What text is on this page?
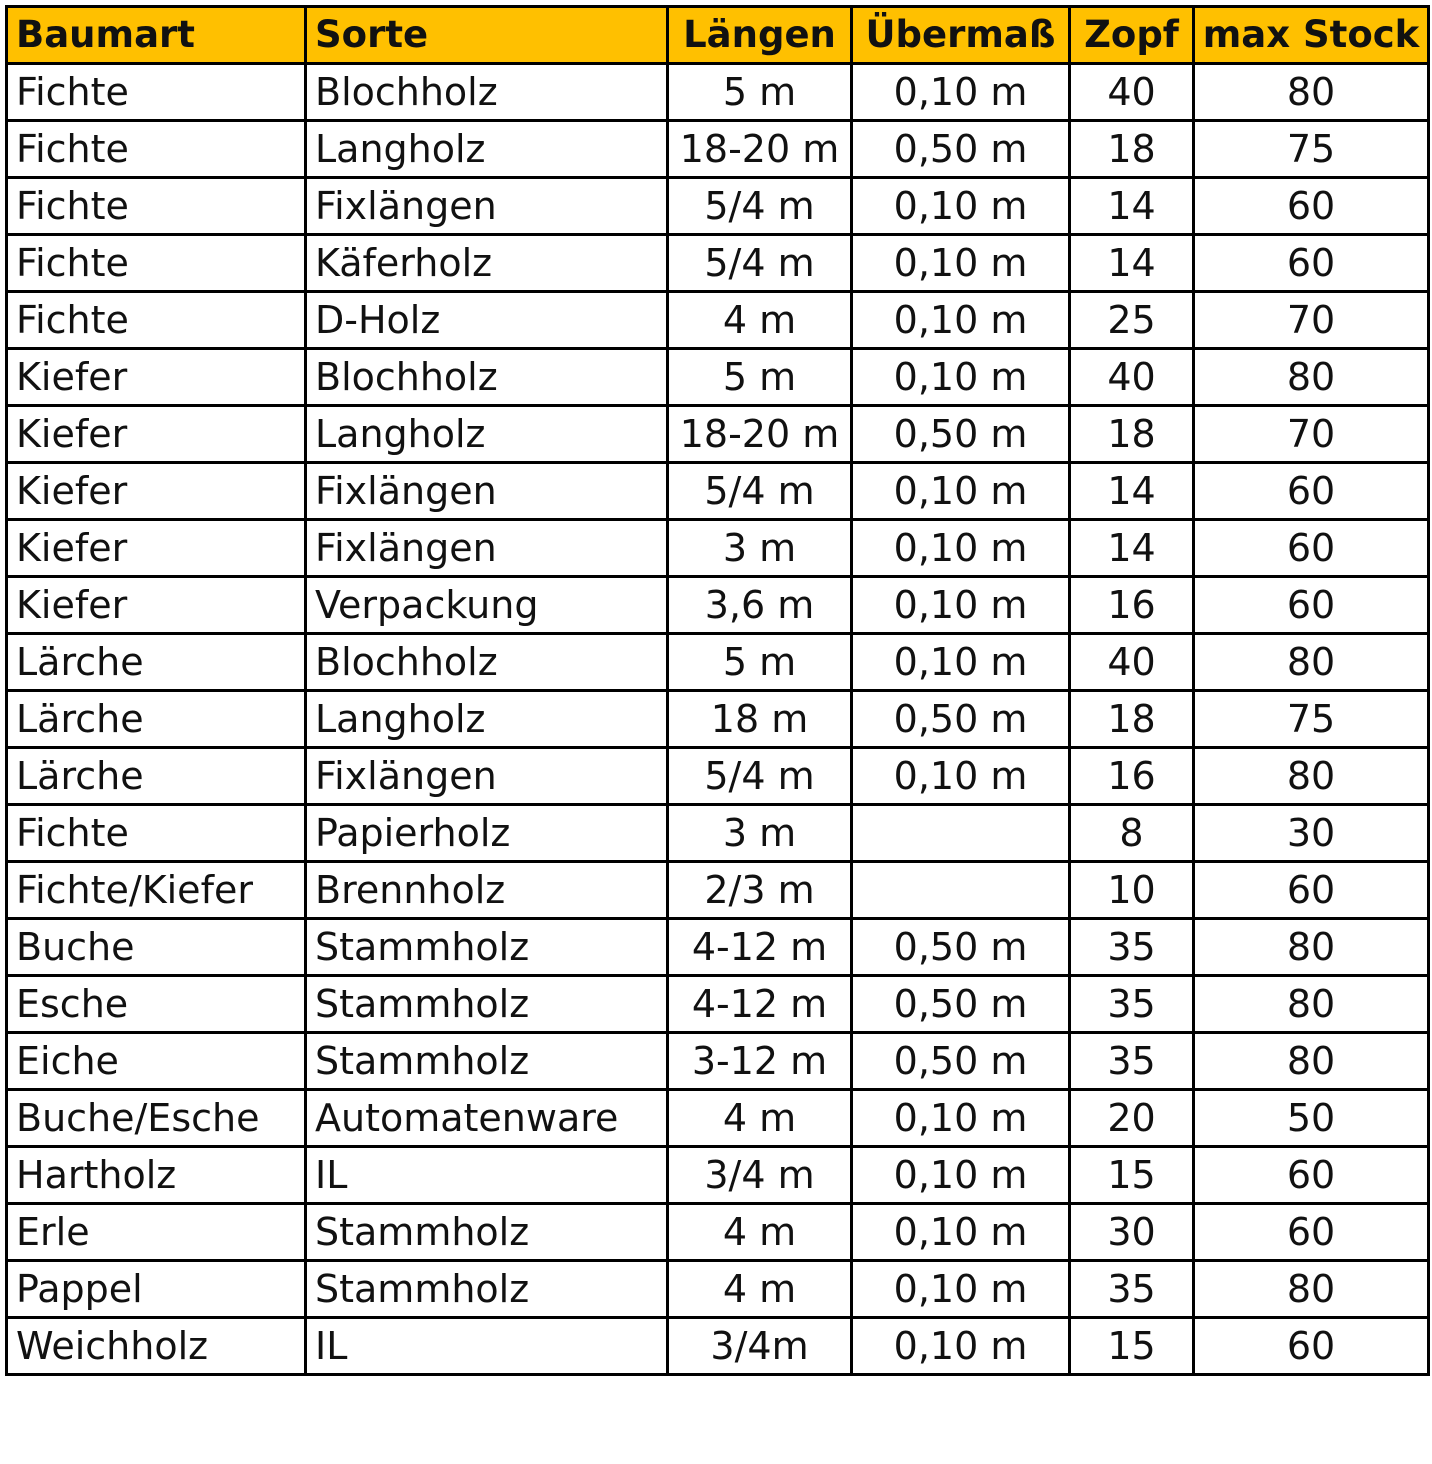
Baumart	Sorte	Längen	Übermaß	Zopf	max Stock
Fichte	Blochholz	5 m	0,10 m	40	80
Fichte	Langholz	18-20 m	0,50 m	18	75
Fichte	Fixlängen	5/4 m	0,10 m	14	60
Fichte	Käferholz	5/4 m	0,10 m	14	60
Fichte	D-Holz	4 m	0,10 m	25	70
Kiefer	Blochholz	5 m	0,10 m	40	80
Kiefer	Langholz	18-20 m	0,50 m	18	70
Kiefer	Fixlängen	5/4 m	0,10 m	14	60
Kiefer	Fixlängen	3 m	0,10 m	14	60
Kiefer	Verpackung	3,6 m	0,10 m	16	60
Lärche	Blochholz	5 m	0,10 m	40	80
Lärche	Langholz	18 m	0,50 m	18	75
Lärche	Fixlängen	5/4 m	0,10 m	16	80
Fichte	Papierholz	3 m		8	30
Fichte/Kiefer	Brennholz	2/3 m		10	60
Buche	Stammholz	4-12 m	0,50 m	35	80
Esche	Stammholz	4-12 m	0,50 m	35	80
Eiche	Stammholz	3-12 m	0,50 m	35	80
Buche/Esche	Automatenware	4 m	0,10 m	20	50
Hartholz	IL	3/4 m	0,10 m	15	60
Erle	Stammholz	4 m	0,10 m	30	60
Pappel	Stammholz	4 m	0,10 m	35	80
Weichholz	IL	3/4m	0,10 m	15	60
